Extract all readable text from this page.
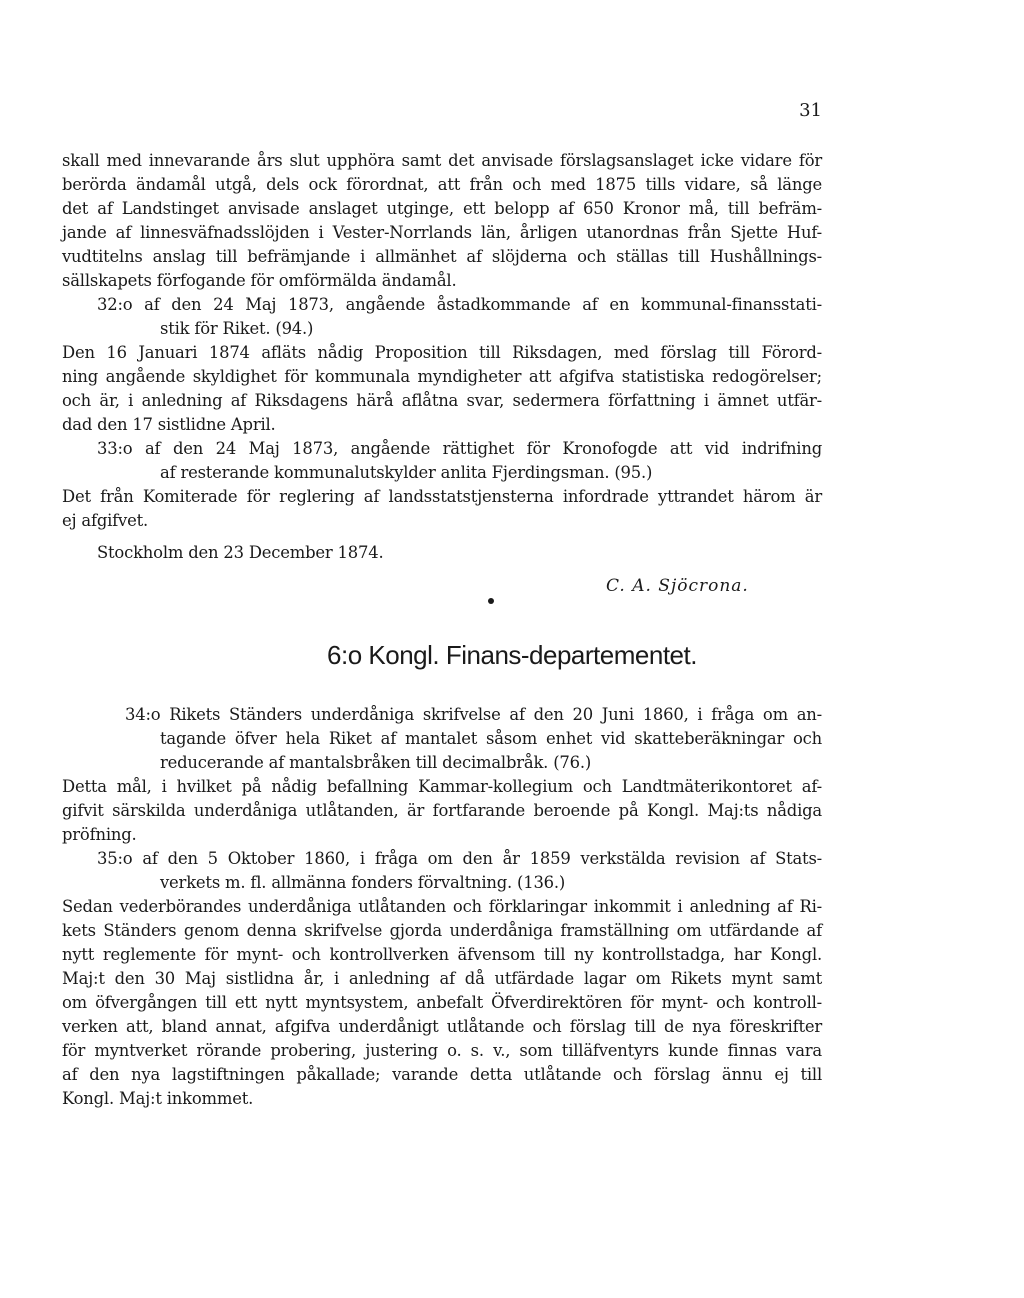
31
skall med innevarande års slut upphöra samt det anvisade förslagsanslaget icke vidare för
berörda ändamål utgå, dels ock förordnat, att från och med 1875 tills vidare, så länge
det af Landstinget anvisade anslaget utginge, ett belopp af 650 Kronor må, till befräm-
jande af linnesväfnadsslöjden i Vester-Norrlands län, årligen utanordnas från Sjette Huf-
vudtitelns anslag till befrämjande i allmänhet af slöjderna och ställas till Hushållnings-
sällskapets förfogande för omförmälda ändamål.
32:o af den 24 Maj 1873, angående åstadkommande af en kommunal-finansstati-
stik för Riket. (94.)
Den 16 Januari 1874 afläts nådig Proposition till Riksdagen, med förslag till Förord-
ning angående skyldighet för kommunala myndigheter att afgifva statistiska redogörelser;
och är, i anledning af Riksdagens härå aflåtna svar, sedermera författning i ämnet utfär-
dad den 17 sistlidne April.
33:o af den 24 Maj 1873, angående rättighet för Kronofogde att vid indrifning
af resterande kommunalutskylder anlita Fjerdingsman. (95.)
Det från Komiterade för reglering af landsstatstjensterna infordrade yttrandet härom är
ej afgifvet.
Stockholm den 23 December 1874.
C. A. Sjöcrona.
6:o Kongl. Finans-departementet.
34:o Rikets Ständers underdåniga skrifvelse af den 20 Juni 1860, i fråga om an-
tagande öfver hela Riket af mantalet såsom enhet vid skatteberäkningar och
reducerande af mantalsbråken till decimalbråk. (76.)
Detta mål, i hvilket på nådig befallning Kammar-kollegium och Landtmäterikontoret af-
gifvit särskilda underdåniga utlåtanden, är fortfarande beroende på Kongl. Maj:ts nådiga
pröfning.
35:o af den 5 Oktober 1860, i fråga om den år 1859 verkstälda revision af Stats-
verkets m. fl. allmänna fonders förvaltning. (136.)
Sedan vederbörandes underdåniga utlåtanden och förklaringar inkommit i anledning af Ri-
kets Ständers genom denna skrifvelse gjorda underdåniga framställning om utfärdande af
nytt reglemente för mynt- och kontrollverken äfvensom till ny kontrollstadga, har Kongl.
Maj:t den 30 Maj sistlidna år, i anledning af då utfärdade lagar om Rikets mynt samt
om öfvergången till ett nytt myntsystem, anbefalt Öfverdirektören för mynt- och kontroll-
verken att, bland annat, afgifva underdånigt utlåtande och förslag till de nya föreskrifter
för myntverket rörande probering, justering o. s. v., som tilläfventyrs kunde finnas vara
af den nya lagstiftningen påkallade; varande detta utlåtande och förslag ännu ej till
Kongl. Maj:t inkommet.
